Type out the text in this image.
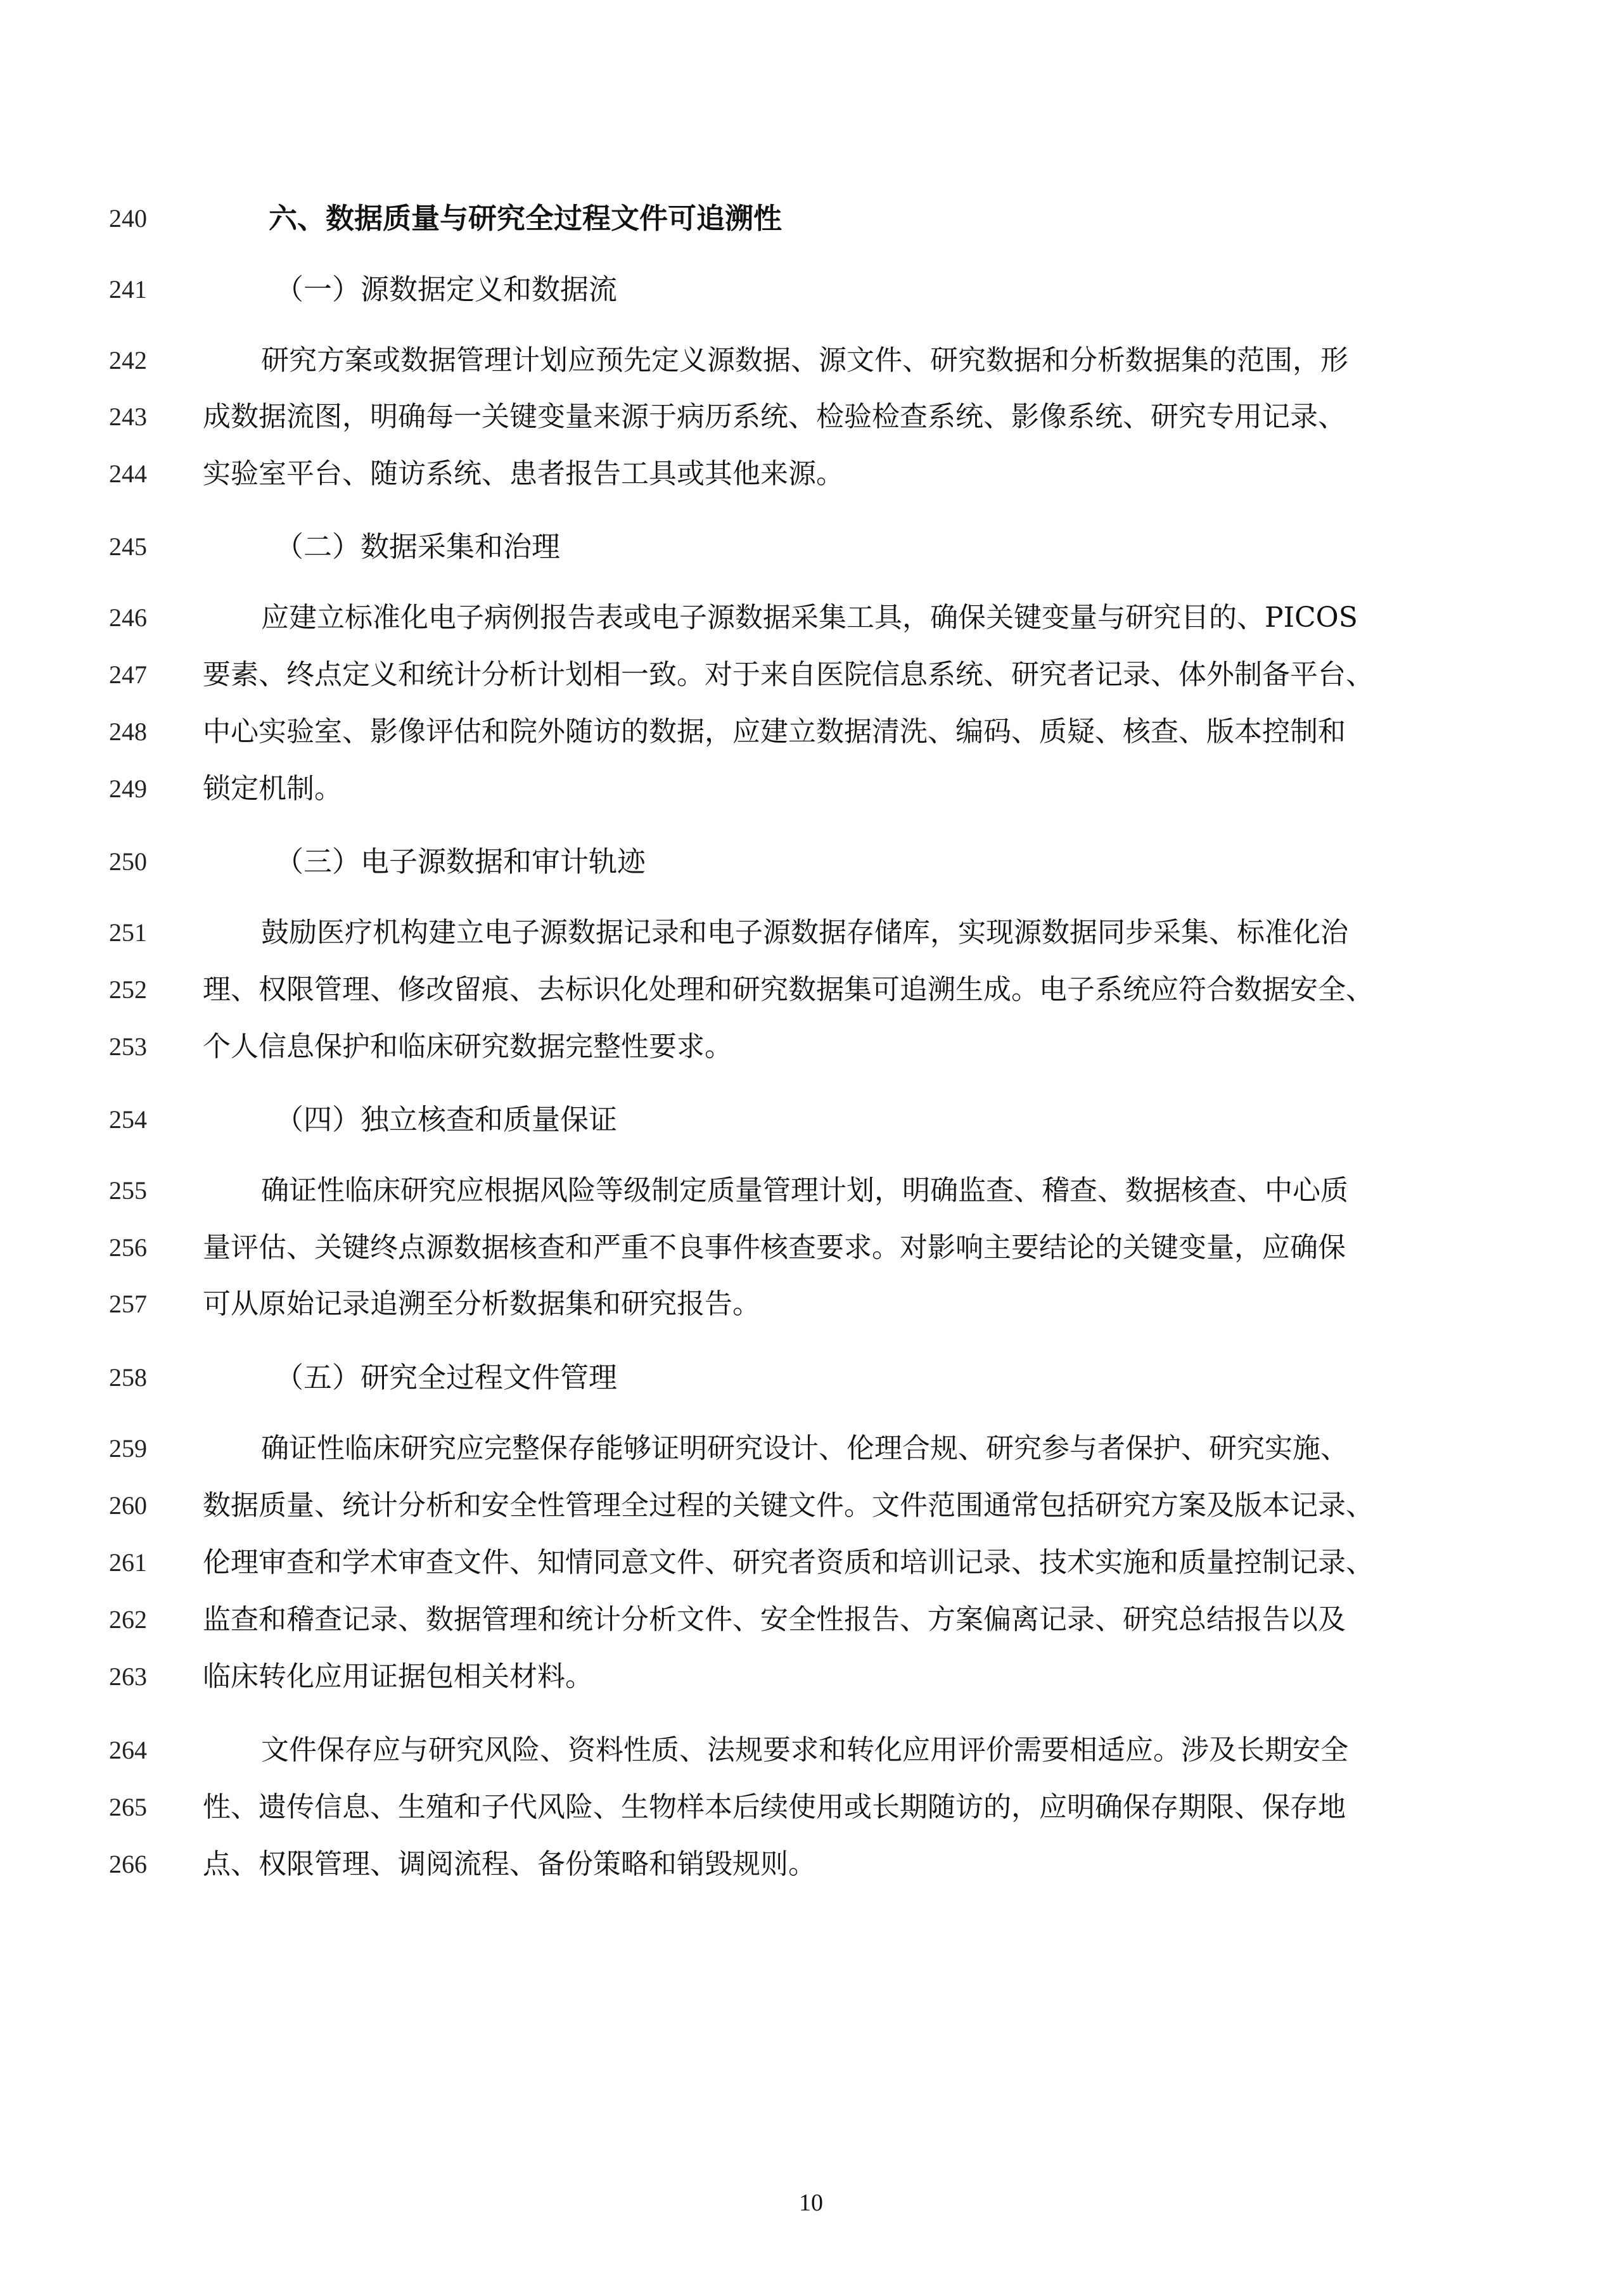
240	六、数据质量与研究全过程文件可追溯性
241	（一）源数据定义和数据流
242	研究方案或数据管理计划应预先定义源数据、源文件、研究数据和分析数据集的范围，形
243 成数据流图，明确每一关键变量来源于病历系统、检验检查系统、影像系统、研究专用记录、
244 实验室平台、随访系统、患者报告工具或其他来源。
245	（二）数据采集和治理
246	应建立标准化电子病例报告表或电子源数据采集工具，确保关键变量与研究目的、PICOS
247 要素、终点定义和统计分析计划相一致。对于来自医院信息系统、研究者记录、体外制备平台、
248 中心实验室、影像评估和院外随访的数据，应建立数据清洗、编码、质疑、核查、版本控制和
249 锁定机制。
250	（三）电子源数据和审计轨迹
251	鼓励医疗机构建立电子源数据记录和电子源数据存储库，实现源数据同步采集、标准化治
252 理、权限管理、修改留痕、去标识化处理和研究数据集可追溯生成。电子系统应符合数据安全、
253 个人信息保护和临床研究数据完整性要求。
254	（四）独立核查和质量保证
255	确证性临床研究应根据风险等级制定质量管理计划，明确监查、稽查、数据核查、中心质
256 量评估、关键终点源数据核查和严重不良事件核查要求。对影响主要结论的关键变量，应确保
257 可从原始记录追溯至分析数据集和研究报告。
258	（五）研究全过程文件管理
259	确证性临床研究应完整保存能够证明研究设计、伦理合规、研究参与者保护、研究实施、
260 数据质量、统计分析和安全性管理全过程的关键文件。文件范围通常包括研究方案及版本记录、
261 伦理审查和学术审查文件、知情同意文件、研究者资质和培训记录、技术实施和质量控制记录、
262 监查和稽查记录、数据管理和统计分析文件、安全性报告、方案偏离记录、研究总结报告以及
263 临床转化应用证据包相关材料。
264	文件保存应与研究风险、资料性质、法规要求和转化应用评价需要相适应。涉及长期安全
265 性、遗传信息、生殖和子代风险、生物样本后续使用或长期随访的，应明确保存期限、保存地
266 点、权限管理、调阅流程、备份策略和销毁规则。
10
